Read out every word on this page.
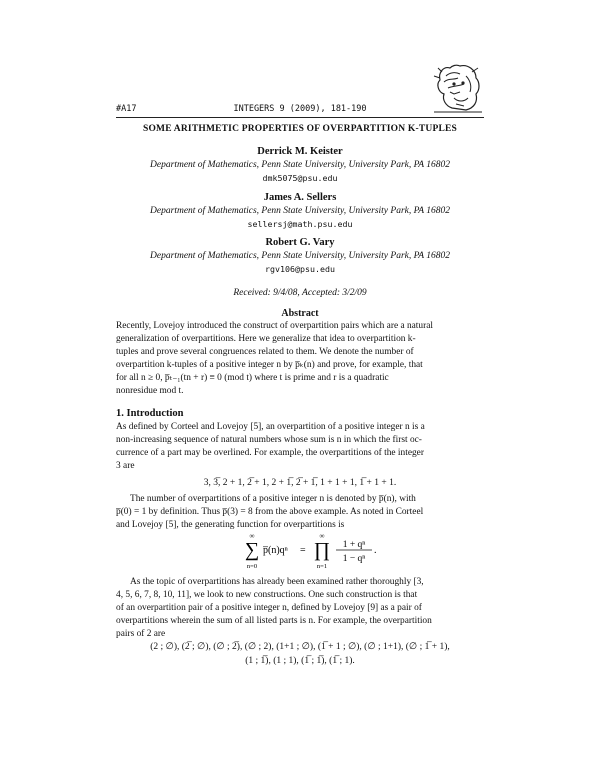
#A17	INTEGERS 9 (2009), 181-190
SOME ARITHMETIC PROPERTIES OF OVERPARTITION K-TUPLES
Derrick M. Keister
Department of Mathematics, Penn State University, University Park, PA 16802
dmk5075@psu.edu
James A. Sellers
Department of Mathematics, Penn State University, University Park, PA 16802
sellersj@math.psu.edu
Robert G. Vary
Department of Mathematics, Penn State University, University Park, PA 16802
rgv106@psu.edu
Received: 9/4/08, Accepted: 3/2/09
Abstract
Recently, Lovejoy introduced the construct of overpartition pairs which are a natural
generalization of overpartitions. Here we generalize that idea to overpartition k-
tuples and prove several congruences related to them. We denote the number of
overpartition k-tuples of a positive integer n by p̅ₖ(n) and prove, for example, that
for all n ≥ 0, p̅ₜ₋₁(tn + r) ≡ 0 (mod t) where t is prime and r is a quadratic
nonresidue mod t.
1. Introduction
As defined by Corteel and Lovejoy [5], an overpartition of a positive integer n is a
non-increasing sequence of natural numbers whose sum is n in which the first oc-
currence of a part may be overlined. For example, the overpartitions of the integer
3 are
3, 3̅, 2 + 1, 2̅ + 1, 2 + 1̅, 2̅ + 1̅, 1 + 1 + 1, 1̅ + 1 + 1.
The number of overpartitions of a positive integer n is denoted by p̅(n), with
p̅(0) = 1 by definition. Thus p̅(3) = 8 from the above example. As noted in Corteel
and Lovejoy [5], the generating function for overpartitions is
∞
∑
n=0
p̅(n)qⁿ =
∞
∏
n=1
1 + qⁿ
1 − qⁿ
.
As the topic of overpartitions has already been examined rather thoroughly [3,
4, 5, 6, 7, 8, 10, 11], we look to new constructions. One such construction is that
of an overpartition pair of a positive integer n, defined by Lovejoy [9] as a pair of
overpartitions wherein the sum of all listed parts is n. For example, the overpartition
pairs of 2 are
(2 ; ∅), (2̅ ; ∅), (∅ ; 2̅), (∅ ; 2), (1+1 ; ∅), (1̅ + 1 ; ∅), (∅ ; 1+1), (∅ ; 1̅ + 1),
(1 ; 1̅), (1 ; 1), (1̅ ; 1̅), (1̅ ; 1).
